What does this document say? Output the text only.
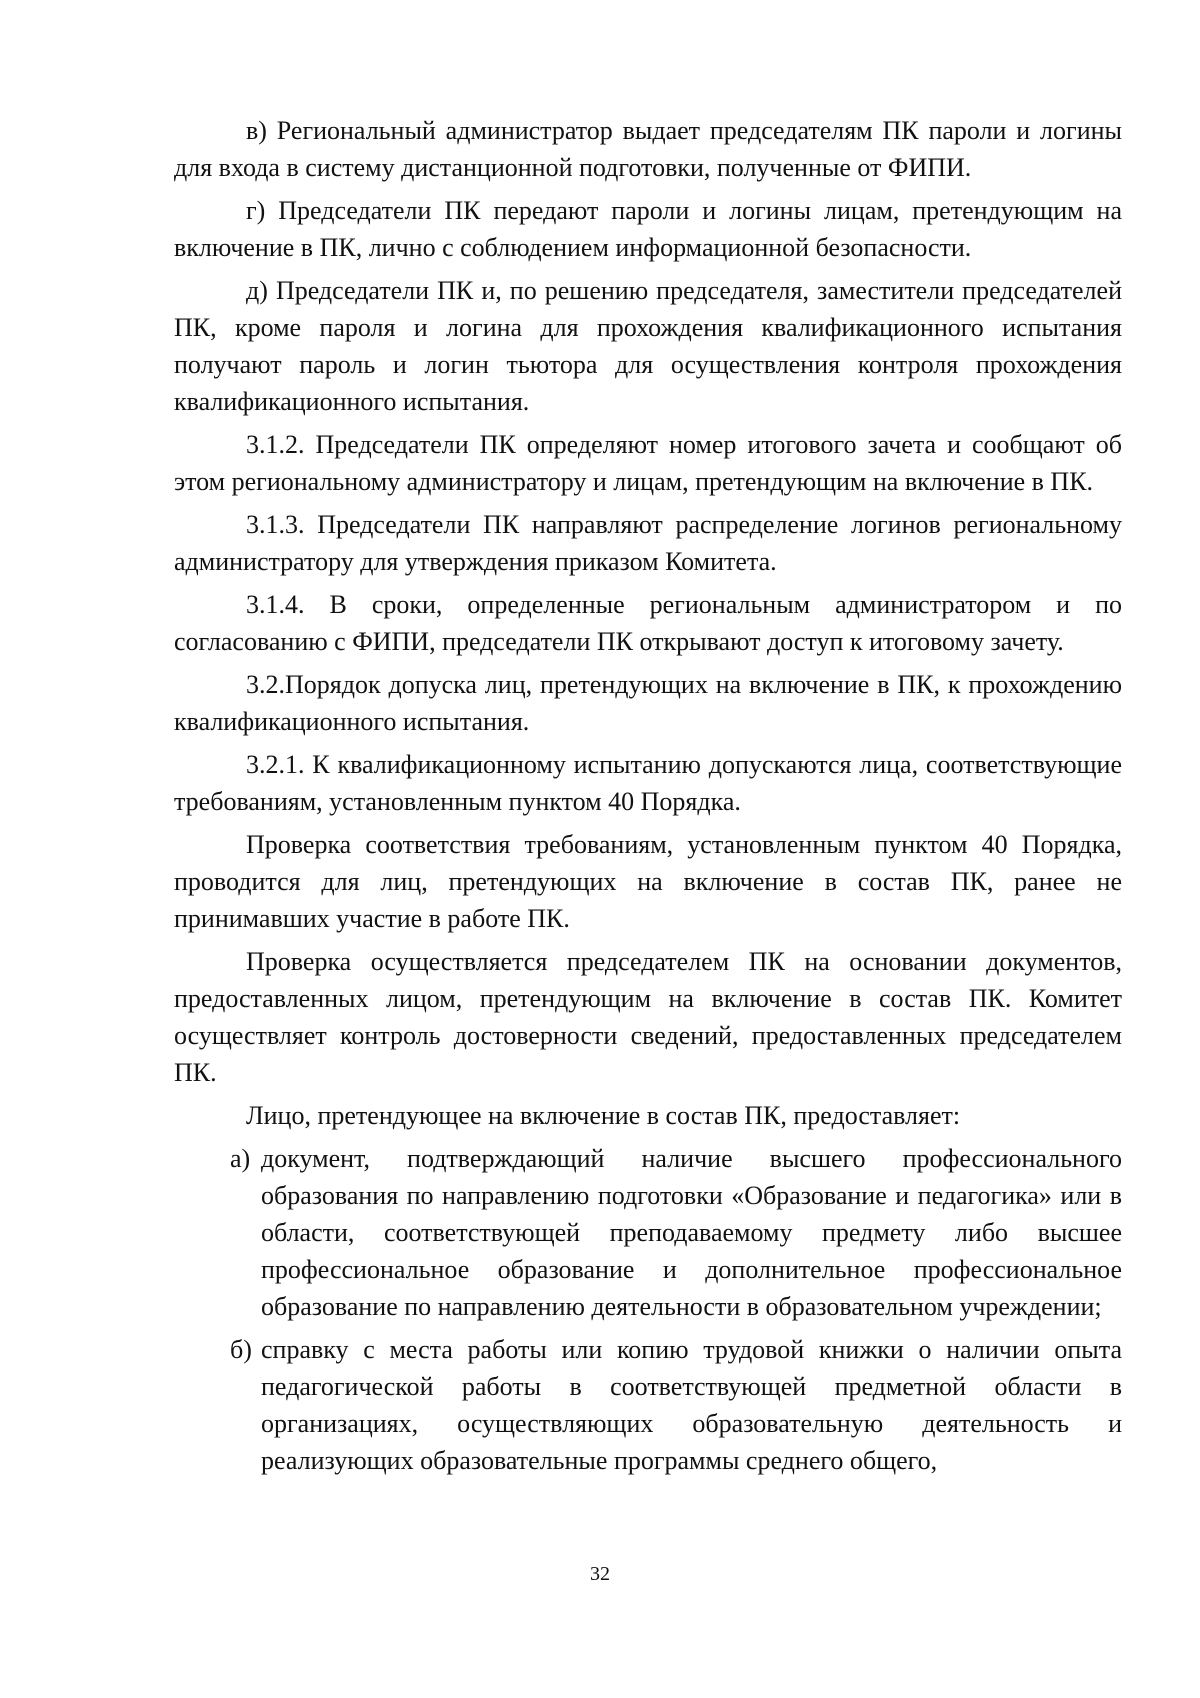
в) Региональный администратор выдает председателям ПК пароли и логины для входа в систему дистанционной подготовки, полученные от ФИПИ.

г) Председатели ПК передают пароли и логины лицам, претендующим на включение в ПК, лично с соблюдением информационной безопасности.

д) Председатели ПК и, по решению председателя, заместители председателей ПК, кроме пароля и логина для прохождения квалификационного испытания получают пароль и логин тьютора для осуществления контроля прохождения квалификационного испытания.

3.1.2. Председатели ПК определяют номер итогового зачета и сообщают об этом региональному администратору и лицам, претендующим на включение в ПК.

3.1.3. Председатели ПК направляют распределение логинов региональному администратору для утверждения приказом Комитета.

3.1.4. В сроки, определенные региональным администратором и по согласованию с ФИПИ, председатели ПК открывают доступ к итоговому зачету.

3.2.Порядок допуска лиц, претендующих на включение в ПК, к прохождению квалификационного испытания.

3.2.1. К квалификационному испытанию допускаются лица, соответствующие требованиям, установленным пунктом 40 Порядка.

Проверка соответствия требованиям, установленным пунктом 40 Порядка, проводится для лиц, претендующих на включение в состав ПК, ранее не принимавших участие в работе ПК.

Проверка осуществляется председателем ПК на основании документов, предоставленных лицом, претендующим на включение в состав ПК. Комитет осуществляет контроль достоверности сведений, предоставленных председателем ПК.

Лицо, претендующее на включение в состав ПК, предоставляет:

а) документ, подтверждающий наличие высшего профессионального образования по направлению подготовки «Образование и педагогика» или в области, соответствующей преподаваемому предмету либо высшее профессиональное образование и дополнительное профессиональное образование по направлению деятельности в образовательном учреждении;
б) справку с места работы или копию трудовой книжки о наличии опыта педагогической работы в соответствующей предметной области в организациях, осуществляющих образовательную деятельность и реализующих образовательные программы среднего общего,
32
